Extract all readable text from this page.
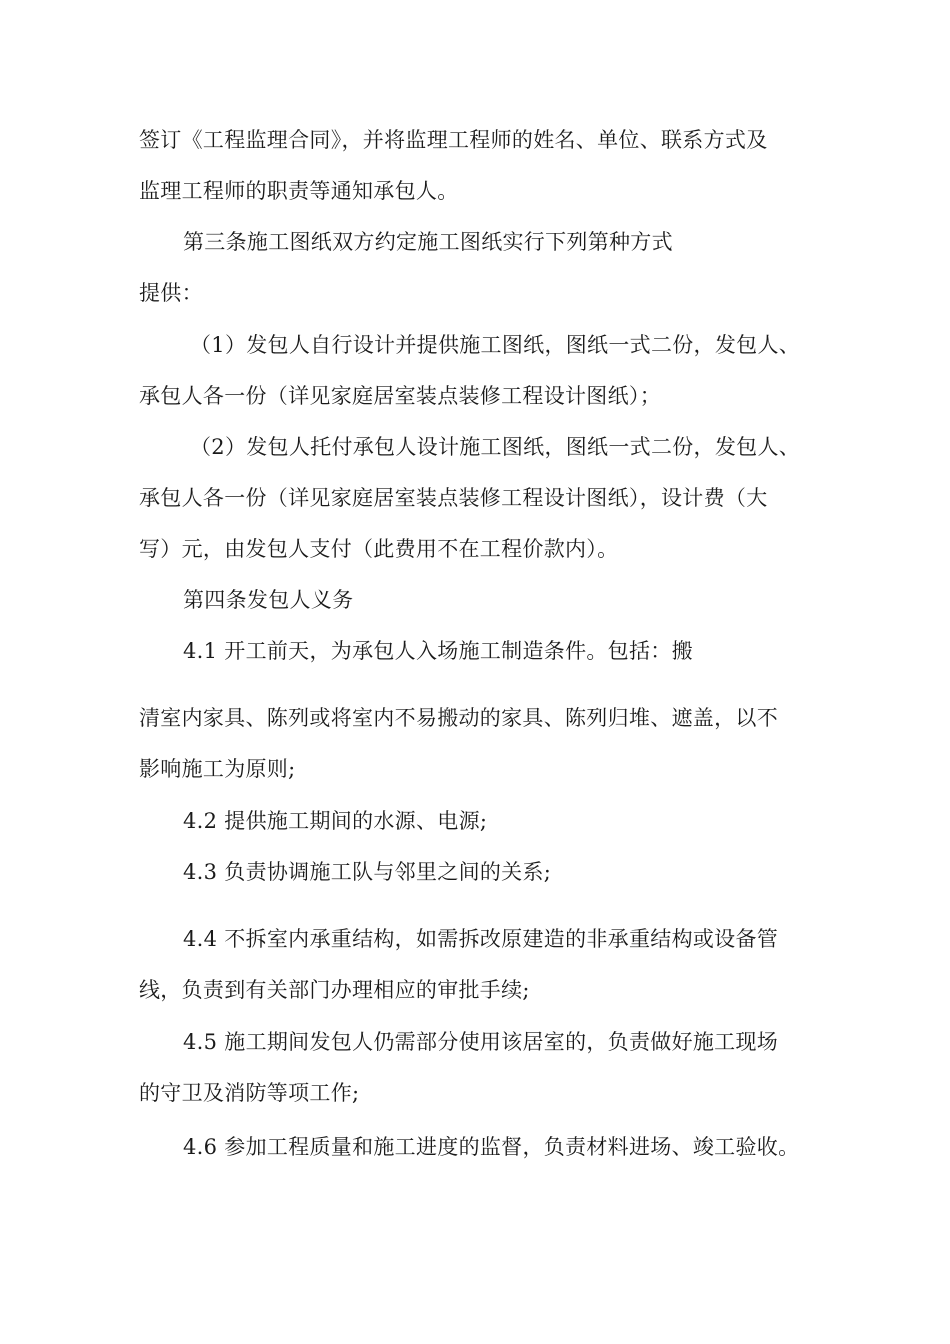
签订《工程监理合同》，并将监理工程师的姓名、单位、联系方式及
监理工程师的职责等通知承包人。
第三条施工图纸双方约定施工图纸实行下列第种方式
提供：
（1）发包人自行设计并提供施工图纸，图纸一式二份，发包人、
承包人各一份（详见家庭居室装点装修工程设计图纸）；
（2）发包人托付承包人设计施工图纸，图纸一式二份，发包人、
承包人各一份（详见家庭居室装点装修工程设计图纸），设计费（大
写）元，由发包人支付（此费用不在工程价款内）。
第四条发包人义务
4.1 开工前天，为承包人入场施工制造条件。包括：搬
清室内家具、陈列或将室内不易搬动的家具、陈列归堆、遮盖，以不
影响施工为原则;
4.2 提供施工期间的水源、电源;
4.3 负责协调施工队与邻里之间的关系;
4.4 不拆室内承重结构，如需拆改原建造的非承重结构或设备管
线，负责到有关部门办理相应的审批手续;
4.5 施工期间发包人仍需部分使用该居室的，负责做好施工现场
的守卫及消防等项工作;
4.6 参加工程质量和施工进度的监督，负责材料进场、竣工验收。
